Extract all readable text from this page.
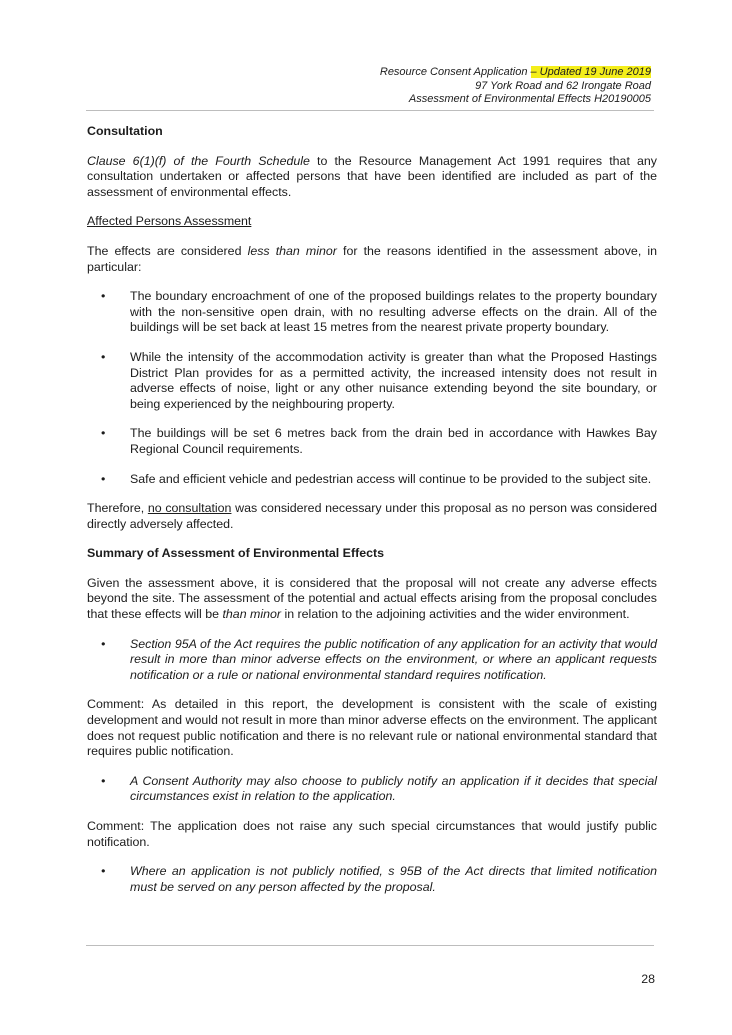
Resource Consent Application – Updated 19 June 2019
97 York Road and 62 Irongate Road
Assessment of Environmental Effects H20190005

Consultation

Clause 6(1)(f) of the Fourth Schedule to the Resource Management Act 1991 requires that any consultation undertaken or affected persons that have been identified are included as part of the assessment of environmental effects.

Affected Persons Assessment

The effects are considered less than minor for the reasons identified in the assessment above, in particular:

• The boundary encroachment of one of the proposed buildings relates to the property boundary with the non-sensitive open drain, with no resulting adverse effects on the drain. All of the buildings will be set back at least 15 metres from the nearest private property boundary.
• While the intensity of the accommodation activity is greater than what the Proposed Hastings District Plan provides for as a permitted activity, the increased intensity does not result in adverse effects of noise, light or any other nuisance extending beyond the site boundary, or being experienced by the neighbouring property.
• The buildings will be set 6 metres back from the drain bed in accordance with Hawkes Bay Regional Council requirements.
• Safe and efficient vehicle and pedestrian access will continue to be provided to the subject site.

Therefore, no consultation was considered necessary under this proposal as no person was considered directly adversely affected.

Summary of Assessment of Environmental Effects

Given the assessment above, it is considered that the proposal will not create any adverse effects beyond the site. The assessment of the potential and actual effects arising from the proposal concludes that these effects will be than minor in relation to the adjoining activities and the wider environment.

• Section 95A of the Act requires the public notification of any application for an activity that would result in more than minor adverse effects on the environment, or where an applicant requests notification or a rule or national environmental standard requires notification.

Comment: As detailed in this report, the development is consistent with the scale of existing development and would not result in more than minor adverse effects on the environment. The applicant does not request public notification and there is no relevant rule or national environmental standard that requires public notification.

• A Consent Authority may also choose to publicly notify an application if it decides that special circumstances exist in relation to the application.

Comment: The application does not raise any such special circumstances that would justify public notification.

• Where an application is not publicly notified, s 95B of the Act directs that limited notification must be served on any person affected by the proposal.
28
